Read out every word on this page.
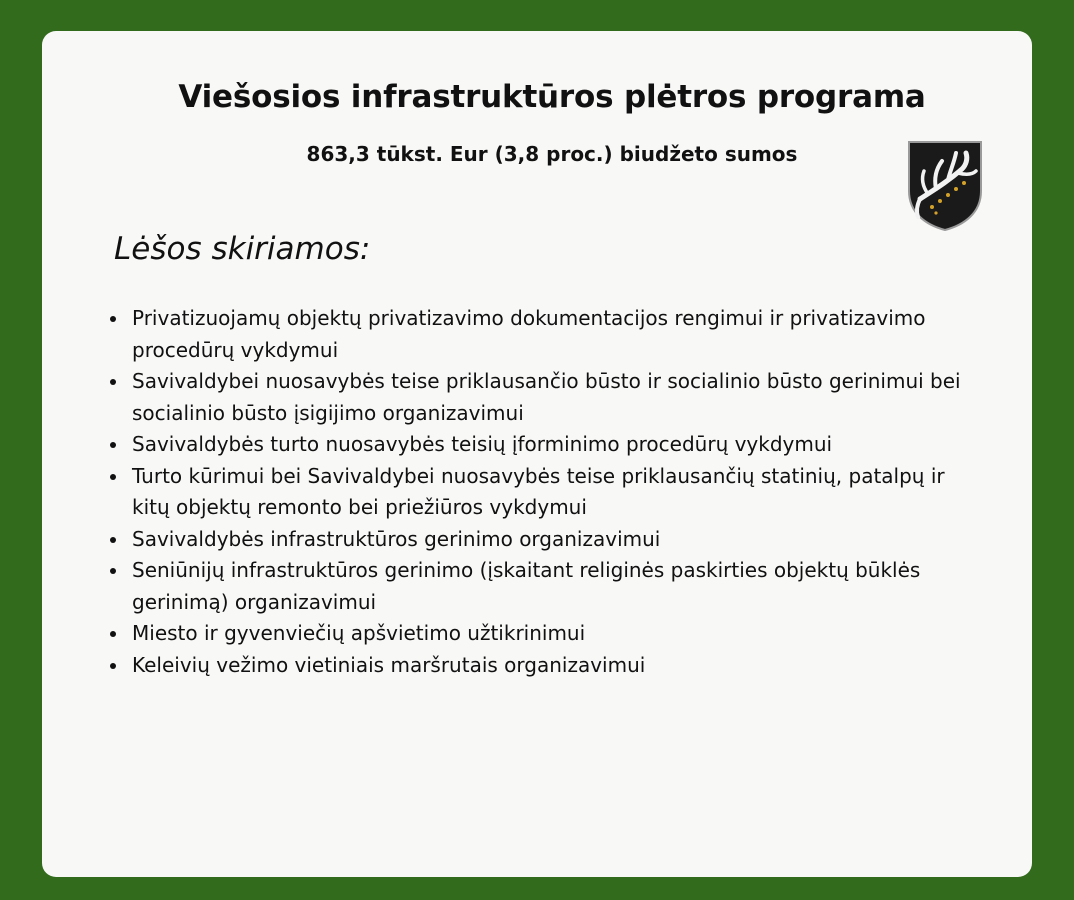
Viešosios infrastruktūros plėtros programa

863,3 tūkst. Eur (3,8 proc.) biudžeto sumos

Lėšos skiriamos:
Privatizuojamų objektų privatizavimo dokumentacijos rengimui ir privatizavimo procedūrų vykdymui
Savivaldybei nuosavybės teise priklausančio būsto ir socialinio būsto gerinimui bei socialinio būsto įsigijimo organizavimui
Savivaldybės turto nuosavybės teisių įforminimo procedūrų vykdymui
Turto kūrimui bei Savivaldybei nuosavybės teise priklausančių statinių, patalpų ir kitų objektų remonto bei priežiūros vykdymui
Savivaldybės infrastruktūros gerinimo organizavimui
Seniūnijų infrastruktūros gerinimo (įskaitant religinės paskirties objektų būklės gerinimą) organizavimui
Miesto ir gyvenviečių apšvietimo užtikrinimui
Keleivių vežimo vietiniais maršrutais organizavimui
